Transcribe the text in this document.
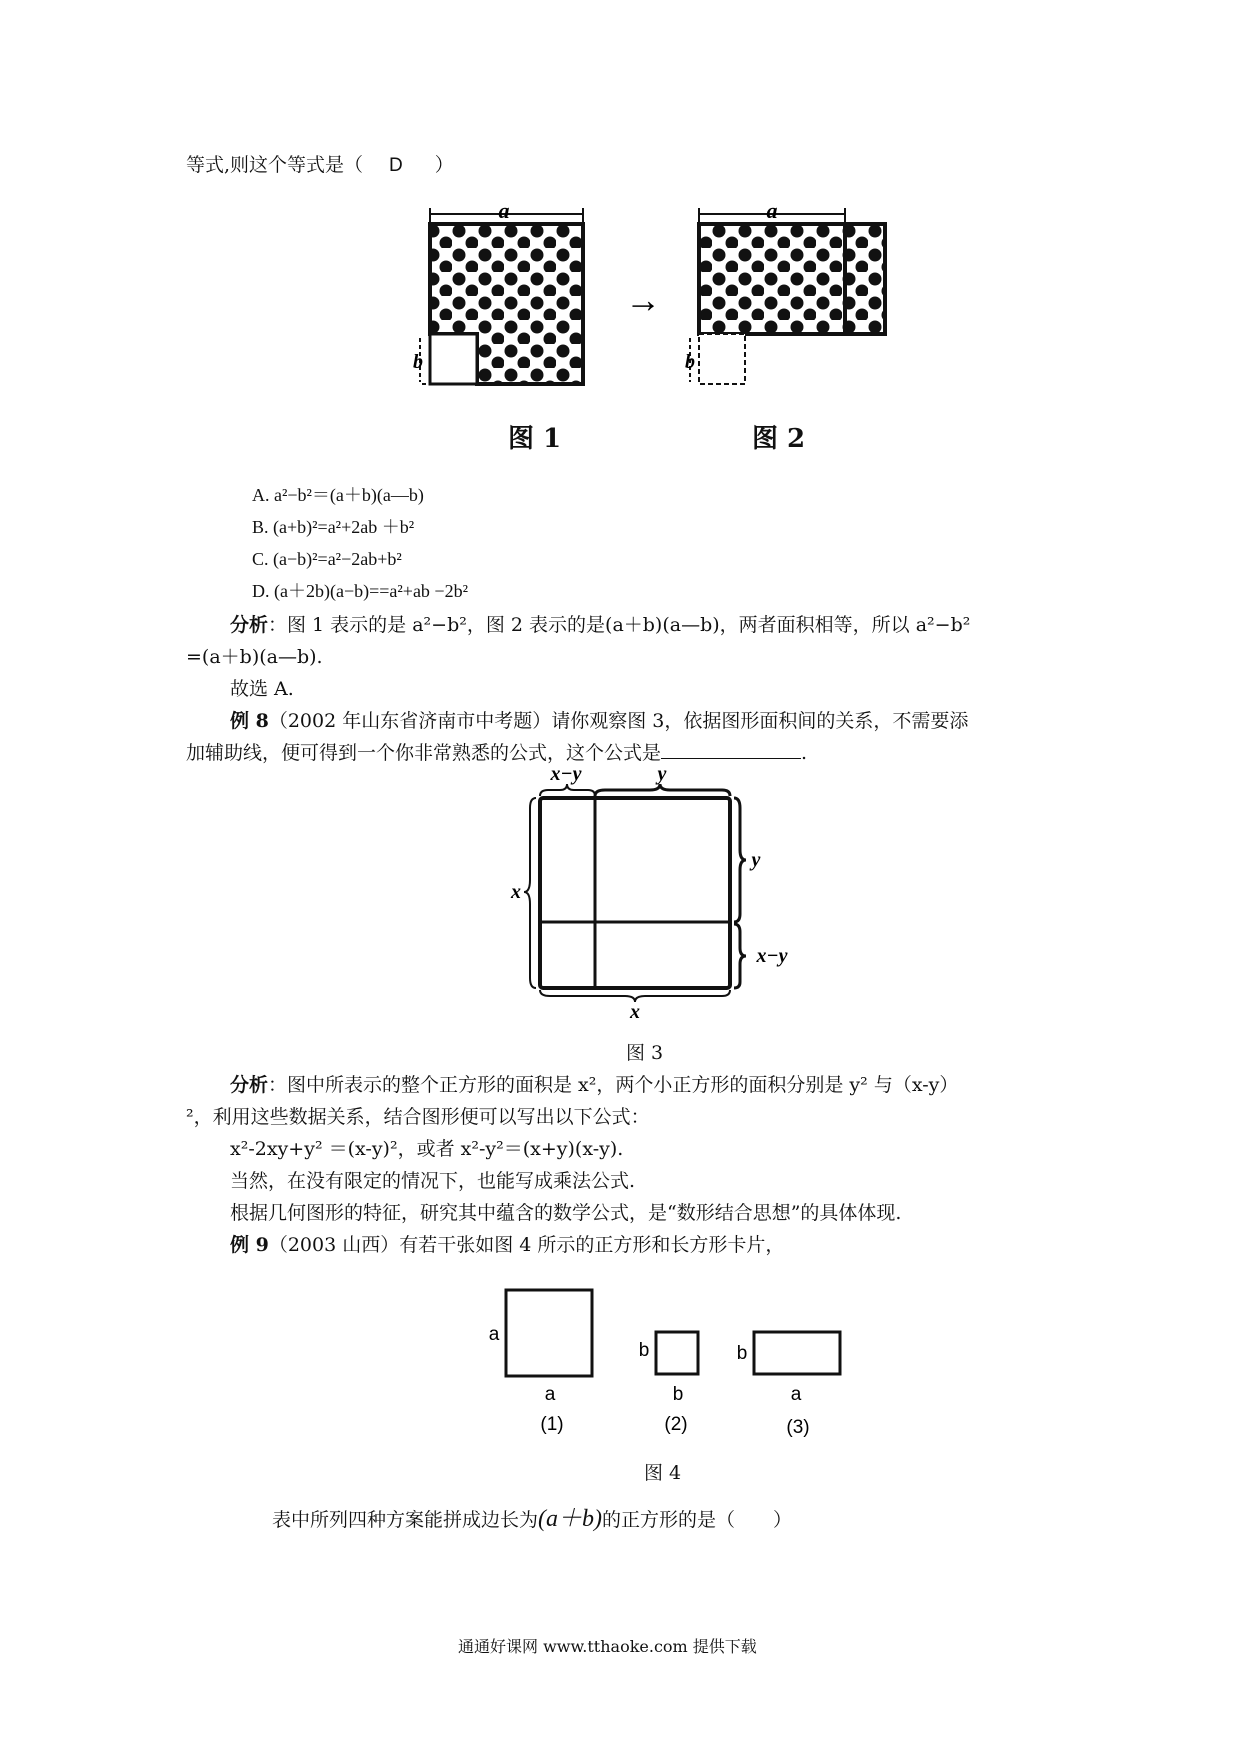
等式,则这个等式是（ D ）
a
b
→
a
b
图 1	图 2
A. a²−b²＝(a＋b)(a—b)
B. (a+b)²=a²+2ab ＋b²
C. (a−b)²=a²−2ab+b²
D. (a＋2b)(a−b)==a²+ab −2b²
分析：图 1 表示的是 a²−b²，图 2 表示的是(a＋b)(a—b)，两者面积相等，所以 a²−b²
=(a＋b)(a—b).
故选 A.
例 8（2002 年山东省济南市中考题）请你观察图 3，依据图形面积间的关系，不需要添
加辅助线，便可得到一个你非常熟悉的公式，这个公式是	.
x−y	y
x
y
x−y
x
图 3
分析：图中所表示的整个正方形的面积是 x²，两个小正方形的面积分别是 y² 与（x-y）
²，利用这些数据关系，结合图形便可以写出以下公式：
x²-2xy+y² ＝(x-y)²，或者 x²-y²＝(x+y)(x-y).
当然，在没有限定的情况下，也能写成乘法公式.
根据几何图形的特征，研究其中蕴含的数学公式，是“数形结合思想”的具体体现.
例 9（2003 山西）有若干张如图 4 所示的正方形和长方形卡片，
a
a
(1)
b
b
(2)
b
a
(3)
图 4
表中所列四种方案能拼成边长为(a＋b)的正方形的是（　　）
通通好课网 www.tthaoke.com 提供下载
